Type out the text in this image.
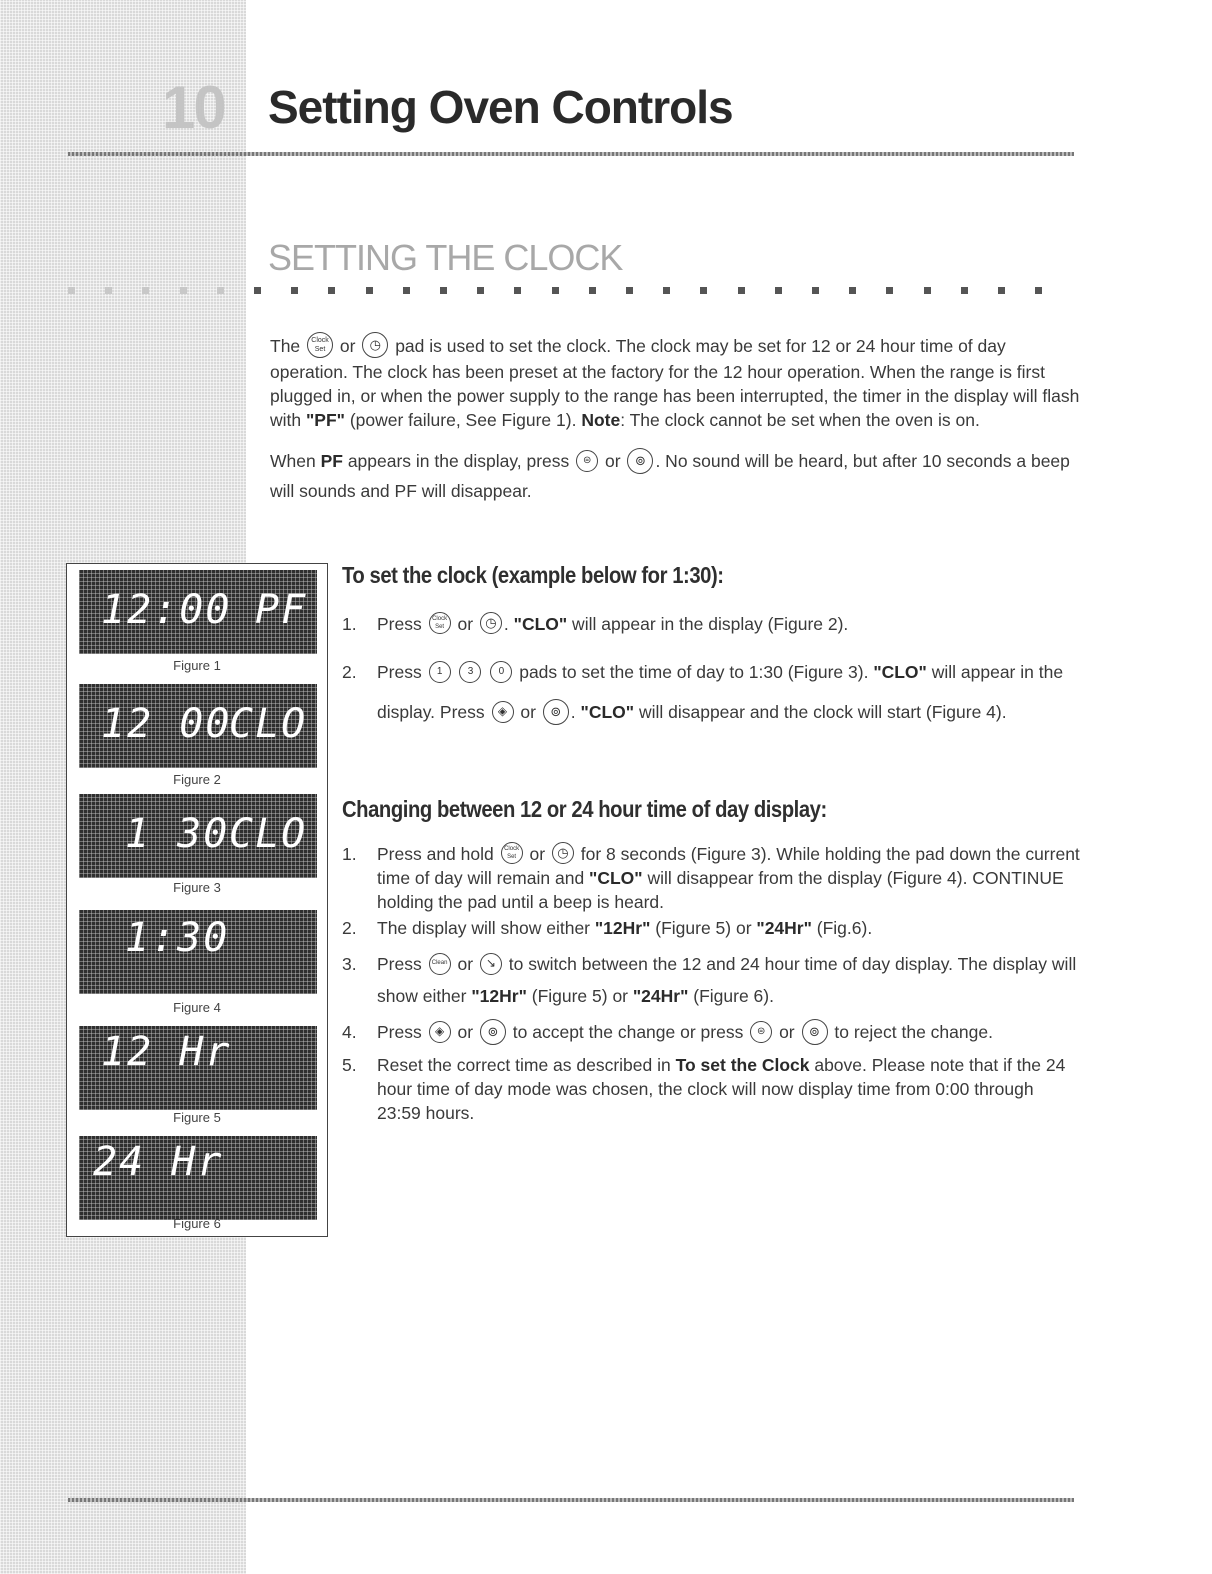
10 Setting Oven Controls
SETTING THE CLOCK

The Clock
Set or ◷ pad is used to set the clock. The clock may be set for 12 or 24 hour time of day operation. The clock has been preset at the factory for the 12 hour operation. When the range is first plugged in, or when the power supply to the range has been interrupted, the timer in the display will flash with "PF" (power failure, See Figure 1). Note: The clock cannot be set when the oven is on.

When PF appears in the display, press ⊜ or ⊚ . No sound will be heard, but after 10 seconds a beep will sounds and PF will disappear.

12:00 PF
Figure 1
12 00
CLO
Figure 2
1 30 CLO
Figure 3
1:30
Figure 4
12 Hr
Figure 5
24 Hr
Figure 6
To set the clock (example below for 1:30):
1. Press Clock
Set or ◷ . "CLO" will appear in the display (Figure 2).
2. Press 1	3	0 pads to set the time of day to 1:30 (Figure 3). "CLO" will appear in the display. Press ◈ or ⊚ . "CLO" will disappear and the clock will start (Figure 4).
Changing between 12 or 24 hour time of day display:
1. Press and hold Clock
Set or ◷ for 8 seconds (Figure 3). While holding the pad down the current time of day will remain and "CLO" will disappear from the display (Figure 4). CONTINUE holding the pad until a beep is heard.
2. The display will show either "12Hr" (Figure 5) or "24Hr" (Fig.6).
3. Press Clean or ↘ to switch between the 12 and 24 hour time of day display. The display will show either "12Hr" (Figure 5) or "24Hr" (Figure 6).
4. Press ◈ or ⊚ to accept the change or press ⊜ or ⊚ to reject the change.
5. Reset the correct time as described in To set the Clock above. Please note that if the 24 hour time of day mode was chosen, the clock will now display time from 0:00 through 23:59 hours.
